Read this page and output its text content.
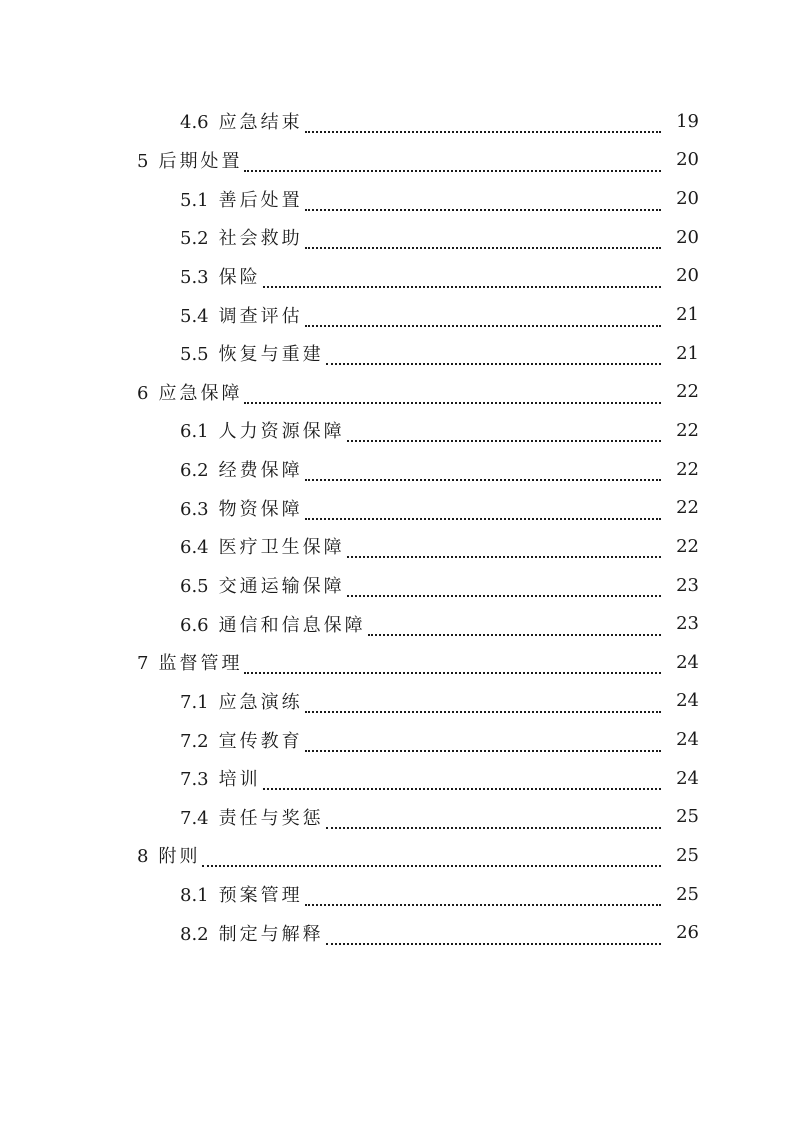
4.6 应急结束	19
5 后期处置	20
5.1 善后处置	20
5.2 社会救助	20
5.3 保险	20
5.4 调查评估	21
5.5 恢复与重建	21
6 应急保障	22
6.1 人力资源保障	22
6.2 经费保障	22
6.3 物资保障	22
6.4 医疗卫生保障	22
6.5 交通运输保障	23
6.6 通信和信息保障	23
7 监督管理	24
7.1 应急演练	24
7.2 宣传教育	24
7.3 培训	24
7.4 责任与奖惩	25
8 附则	25
8.1 预案管理	25
8.2 制定与解释	26
